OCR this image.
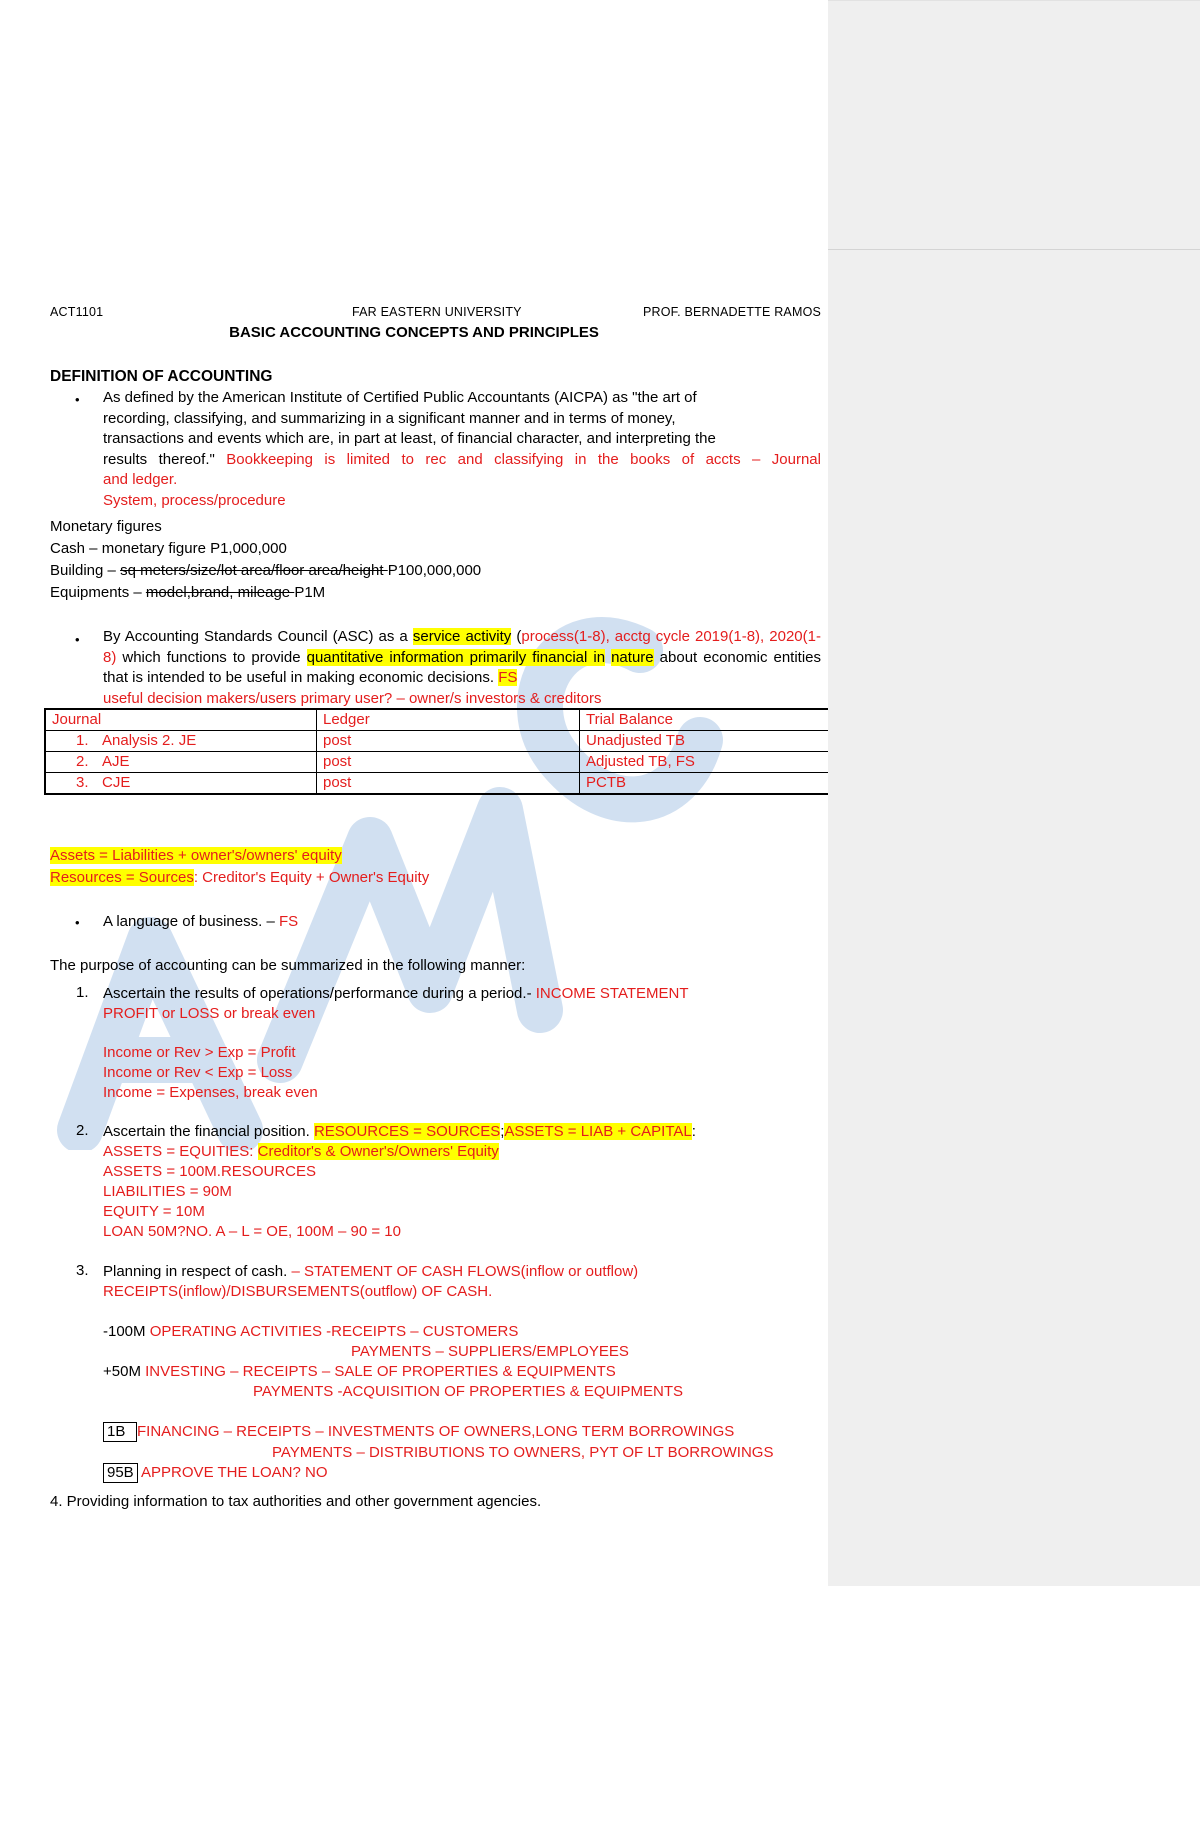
RAMOS
ACT1101	FAR EASTERN UNIVERSITY	PROF. BERNADETTE RAMOS
BASIC ACCOUNTING CONCEPTS AND PRINCIPLES
DEFINITION OF ACCOUNTING
• As defined by the American Institute of Certified Public Accountants (AICPA) as "the art of
recording, classifying, and summarizing in a significant manner and in terms of money,
transactions and events which are, in part at least, of financial character, and interpreting the
results thereof." Bookkeeping is limited to rec and classifying in the books of accts – Journal
and ledger.
System, process/procedure
Monetary figures
Cash – monetary figure P1,000,000
Building – sq meters/size/lot area/floor area/height P100,000,000
Equipments – model,brand, mileage P1M
• By Accounting Standards Council (ASC) as a service activity (process(1-8), acctg cycle 2019(1-8), 2020(1-8) which functions to provide quantitative information primarily financial in nature about economic entities that is intended to be useful in making economic decisions. FS
useful decision makers/users primary user? – owner/s investors & creditors
Journal	Ledger	Trial Balance
1. Analysis 2. JE	post	Unadjusted TB
2. AJE	post	Adjusted TB, FS
3. CJE	post	PCTB
Assets = Liabilities + owner's/owners' equity
Resources = Sources: Creditor's Equity + Owner's Equity
• A language of business. – FS
The purpose of accounting can be summarized in the following manner:
1. Ascertain the results of operations/performance during a period.- INCOME STATEMENT
PROFIT or LOSS or break even
Income or Rev > Exp = Profit
Income or Rev < Exp = Loss
Income = Expenses, break even
2. Ascertain the financial position. RESOURCES = SOURCES;ASSETS = LIAB + CAPITAL:
ASSETS = EQUITIES: Creditor's & Owner's/Owners' Equity
ASSETS = 100M.RESOURCES
LIABILITIES = 90M
EQUITY = 10M
LOAN 50M?NO. A – L = OE, 100M – 90 = 10
3. Planning in respect of cash. – STATEMENT OF CASH FLOWS(inflow or outflow)
RECEIPTS(inflow)/DISBURSEMENTS(outflow) OF CASH.
-100M OPERATING ACTIVITIES -RECEIPTS – CUSTOMERS
PAYMENTS – SUPPLIERS/EMPLOYEES
+50M INVESTING – RECEIPTS – SALE OF PROPERTIES & EQUIPMENTS
PAYMENTS -ACQUISITION OF PROPERTIES & EQUIPMENTS
1B FINANCING – RECEIPTS – INVESTMENTS OF OWNERS,LONG TERM BORROWINGS
PAYMENTS – DISTRIBUTIONS TO OWNERS, PYT OF LT BORROWINGS
95B APPROVE THE LOAN? NO
4. Providing information to tax authorities and other government agencies.
